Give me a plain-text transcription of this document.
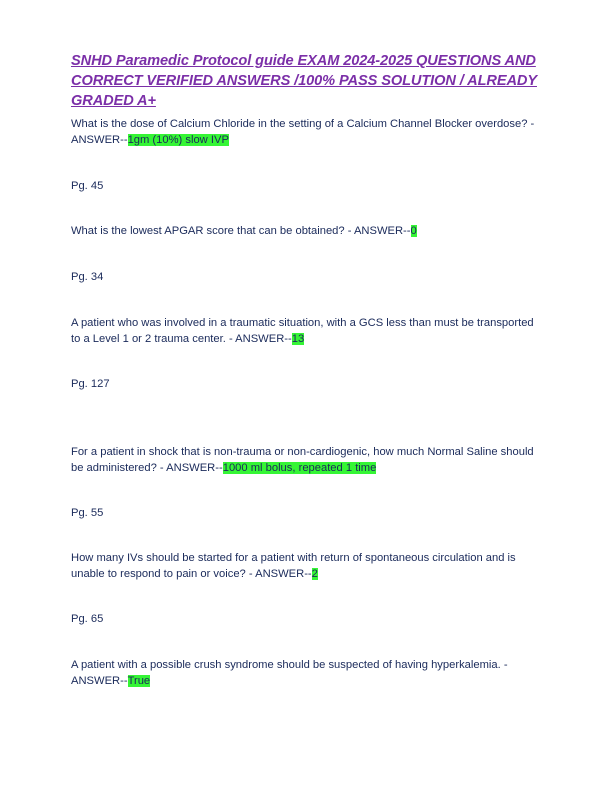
SNHD Paramedic Protocol guide EXAM 2024-2025 QUESTIONS AND CORRECT VERIFIED ANSWERS /100% PASS SOLUTION / ALREADY GRADED A+
What is the dose of Calcium Chloride in the setting of a Calcium Channel Blocker overdose? - ANSWER--1gm (10%) slow IVP
Pg. 45
What is the lowest APGAR score that can be obtained? - ANSWER--0
Pg. 34
A patient who was involved in a traumatic situation, with a GCS less than must be transported to a Level 1 or 2 trauma center. - ANSWER--13
Pg. 127
For a patient in shock that is non-trauma or non-cardiogenic, how much Normal Saline should be administered? - ANSWER--1000 ml bolus, repeated 1 time
Pg. 55
How many IVs should be started for a patient with return of spontaneous circulation and is unable to respond to pain or voice? - ANSWER--2
Pg. 65
A patient with a possible crush syndrome should be suspected of having hyperkalemia. - ANSWER--True
